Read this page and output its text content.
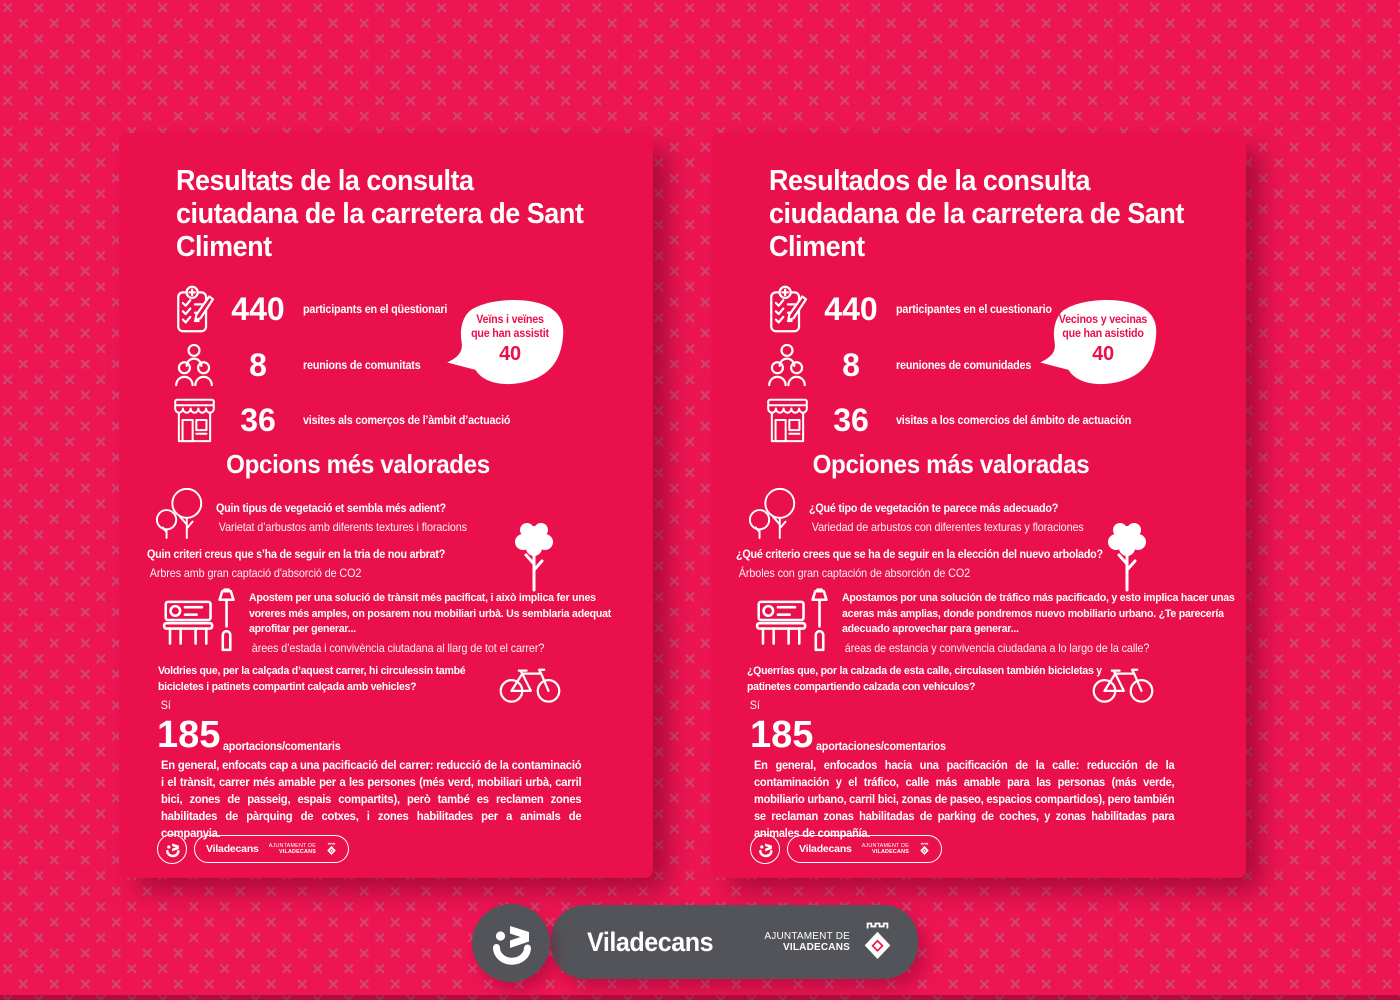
Resultats de la consulta ciutadana de la carretera de Sant Climent
440	participants en el qüestionari
8	reunions de comunitats
36	visites als comerços de l’àmbit d’actuació
Veïns i veïnes
que han assistit
40
Opcions més valorades

Quin tipus de vegetació et sembla més adient?

Varietat d’arbustos amb diferents textures i floracions

Quin criteri creus que s’ha de seguir en la tria de nou arbrat?

Arbres amb gran captació d'absorció de CO2

Apostem per una solució de trànsit més pacificat, i això implica fer unes voreres més amples, on posarem nou mobiliari urbà. Us semblaria adequat aprofitar per generar...

àrees d’estada i convivència ciutadana al llarg de tot el carrer?

Voldries que, per la calçada d’aquest carrer, hi circulessin també bicicletes i patinets compartint calçada amb vehicles?

Sí

185 aportacions/comentaris

En general, enfocats cap a una pacificació del carrer: reducció de la contaminació i el trànsit, carrer més amable per a les persones (més verd, mobiliari urbà, carril bici, zones de passeig, espais compartits), però també es reclamen zones habilitades de pàrquing de cotxes, i zones habilitades per a animals de companyia.

Viladecans AJUNTAMENT DE
VILADECANS
Resultados de la consulta ciudadana de la carretera de Sant Climent
440	participantes en el cuestionario
8	reuniones de comunidades
36	visitas a los comercios del ámbito de actuación
Vecinos y vecinas
que han asistido
40
Opciones más valoradas

¿Qué tipo de vegetación te parece más adecuado?

Variedad de arbustos con diferentes texturas y floraciones

¿Qué criterio crees que se ha de seguir en la elección del nuevo arbolado?

Árboles con gran captación de absorción de CO2

Apostamos por una solución de tráfico más pacificado, y esto implica hacer unas aceras más amplias, donde pondremos nuevo mobiliario urbano. ¿Te parecería adecuado aprovechar para generar...

áreas de estancia y convivencia ciudadana a lo largo de la calle?

¿Querrías que, por la calzada de esta calle, circulasen también bicicletas y patinetes compartiendo calzada con vehículos?

Sí

185 aportaciones/comentarios

En general, enfocados hacia una pacificación de la calle: reducción de la contaminación y el tráfico, calle más amable para las personas (más verde, mobiliario urbano, carril bici, zonas de paseo, espacios compartidos), pero también se reclaman zonas habilitadas de parking de coches, y zonas habilitadas para animales de compañía.

Viladecans AJUNTAMENT DE
VILADECANS
Viladecans	AJUNTAMENT DE
VILADECANS
